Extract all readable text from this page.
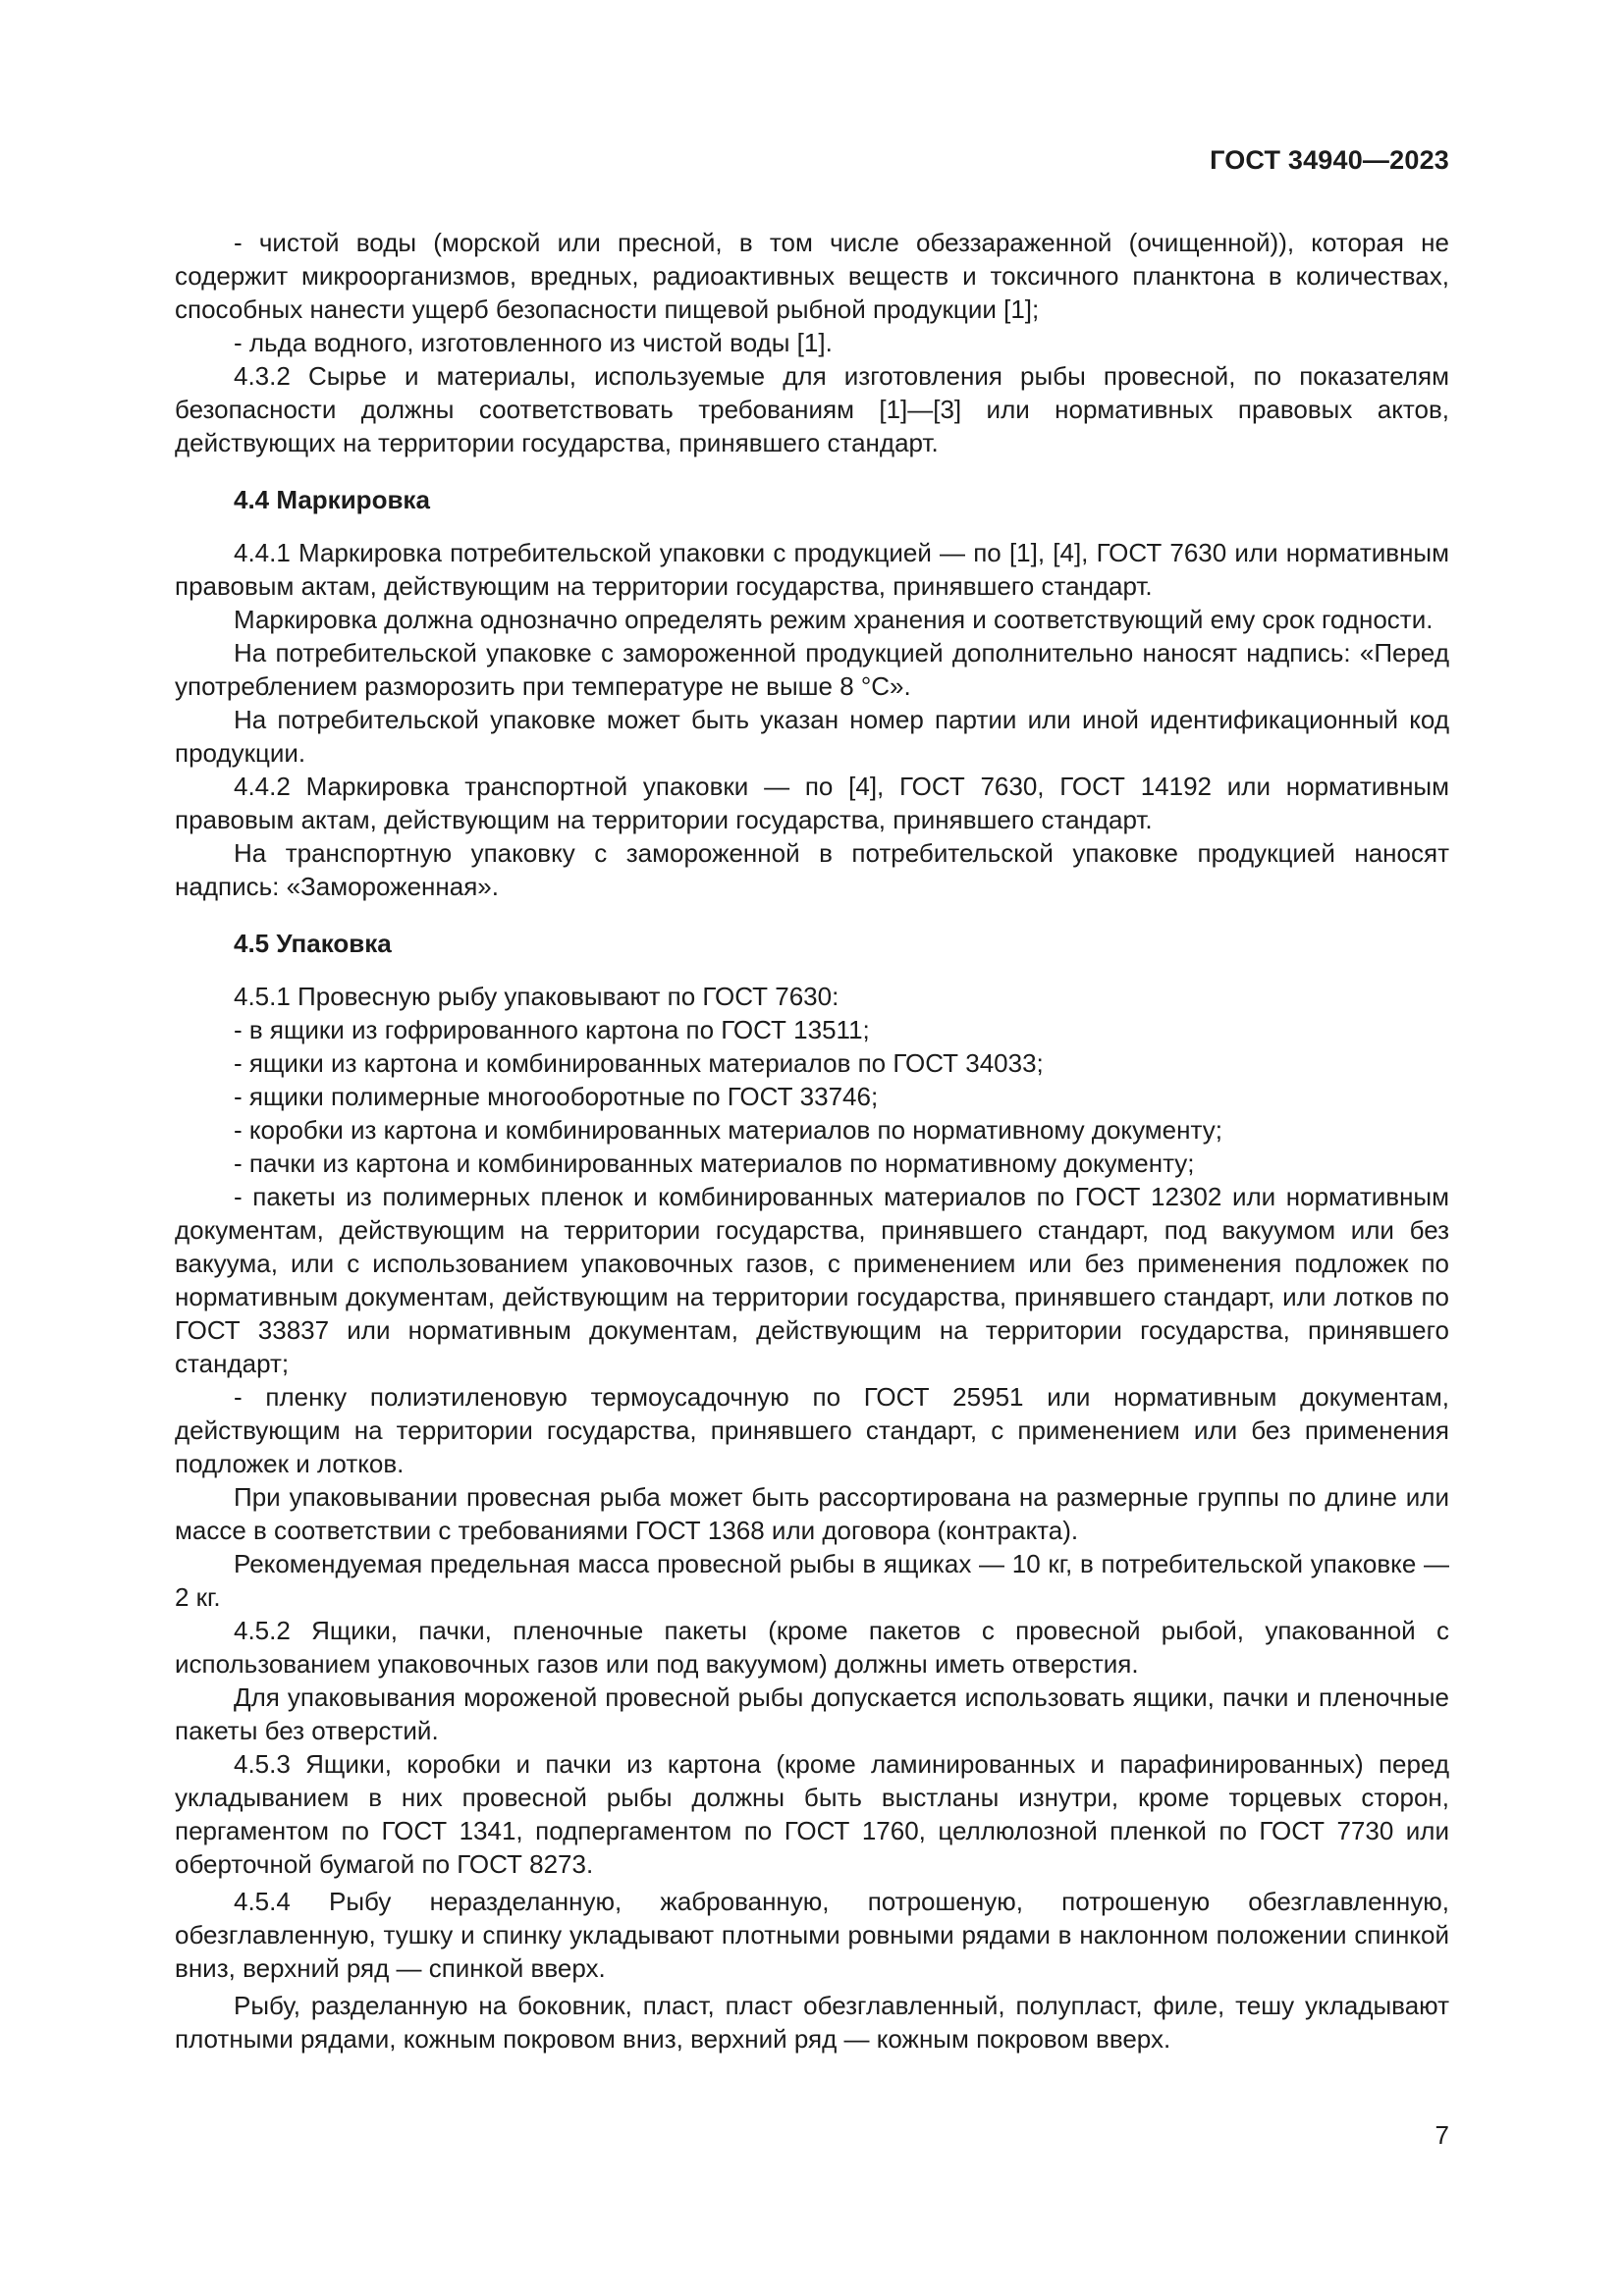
ГОСТ 34940—2023

- чистой воды (морской или пресной, в том числе обеззараженной (очищенной)), которая не содержит микроорганизмов, вредных, радиоактивных веществ и токсичного планктона в количествах, способных нанести ущерб безопасности пищевой рыбной продукции [1];

- льда водного, изготовленного из чистой воды [1].

4.3.2 Сырье и материалы, используемые для изготовления рыбы провесной, по показателям безопасности должны соответствовать требованиям [1]—[3] или нормативных правовых актов, действующих на территории государства, принявшего стандарт.

4.4 Маркировка

4.4.1 Маркировка потребительской упаковки с продукцией — по [1], [4], ГОСТ 7630 или нормативным правовым актам, действующим на территории государства, принявшего стандарт.

Маркировка должна однозначно определять режим хранения и соответствующий ему срок годности.

На потребительской упаковке с замороженной продукцией дополнительно наносят надпись: «Перед употреблением разморозить при температуре не выше 8 °С».

На потребительской упаковке может быть указан номер партии или иной идентификационный код продукции.

4.4.2 Маркировка транспортной упаковки — по [4], ГОСТ 7630, ГОСТ 14192 или нормативным правовым актам, действующим на территории государства, принявшего стандарт.

На транспортную упаковку с замороженной в потребительской упаковке продукцией наносят надпись: «Замороженная».

4.5 Упаковка

4.5.1 Провесную рыбу упаковывают по ГОСТ 7630:

- в ящики из гофрированного картона по ГОСТ 13511;

- ящики из картона и комбинированных материалов по ГОСТ 34033;

- ящики полимерные многооборотные по ГОСТ 33746;

- коробки из картона и комбинированных материалов по нормативному документу;

- пачки из картона и комбинированных материалов по нормативному документу;

- пакеты из полимерных пленок и комбинированных материалов по ГОСТ 12302 или нормативным документам, действующим на территории государства, принявшего стандарт, под вакуумом или без вакуума, или с использованием упаковочных газов, с применением или без применения подложек по нормативным документам, действующим на территории государства, принявшего стандарт, или лотков по ГОСТ 33837 или нормативным документам, действующим на территории государства, принявшего стандарт;

- пленку полиэтиленовую термоусадочную по ГОСТ 25951 или нормативным документам, действующим на территории государства, принявшего стандарт, с применением или без применения подложек и лотков.

При упаковывании провесная рыба может быть рассортирована на размерные группы по длине или массе в соответствии с требованиями ГОСТ 1368 или договора (контракта).

Рекомендуемая предельная масса провесной рыбы в ящиках — 10 кг, в потребительской упаковке — 2 кг.

4.5.2 Ящики, пачки, пленочные пакеты (кроме пакетов с провесной рыбой, упакованной с использованием упаковочных газов или под вакуумом) должны иметь отверстия.

Для упаковывания мороженой провесной рыбы допускается использовать ящики, пачки и пленочные пакеты без отверстий.

4.5.3 Ящики, коробки и пачки из картона (кроме ламинированных и парафинированных) перед укладыванием в них провесной рыбы должны быть выстланы изнутри, кроме торцевых сторон, пергаментом по ГОСТ 1341, подпергаментом по ГОСТ 1760, целлюлозной пленкой по ГОСТ 7730 или оберточной бумагой по ГОСТ 8273.

4.5.4 Рыбу неразделанную, жаброванную, потрошеную, потрошеную обезглавленную, обезглавленную, тушку и спинку укладывают плотными ровными рядами в наклонном положении спинкой вниз, верхний ряд — спинкой вверх.

Рыбу, разделанную на боковник, пласт, пласт обезглавленный, полупласт, филе, тешу укладывают плотными рядами, кожным покровом вниз, верхний ряд — кожным покровом вверх.

7
